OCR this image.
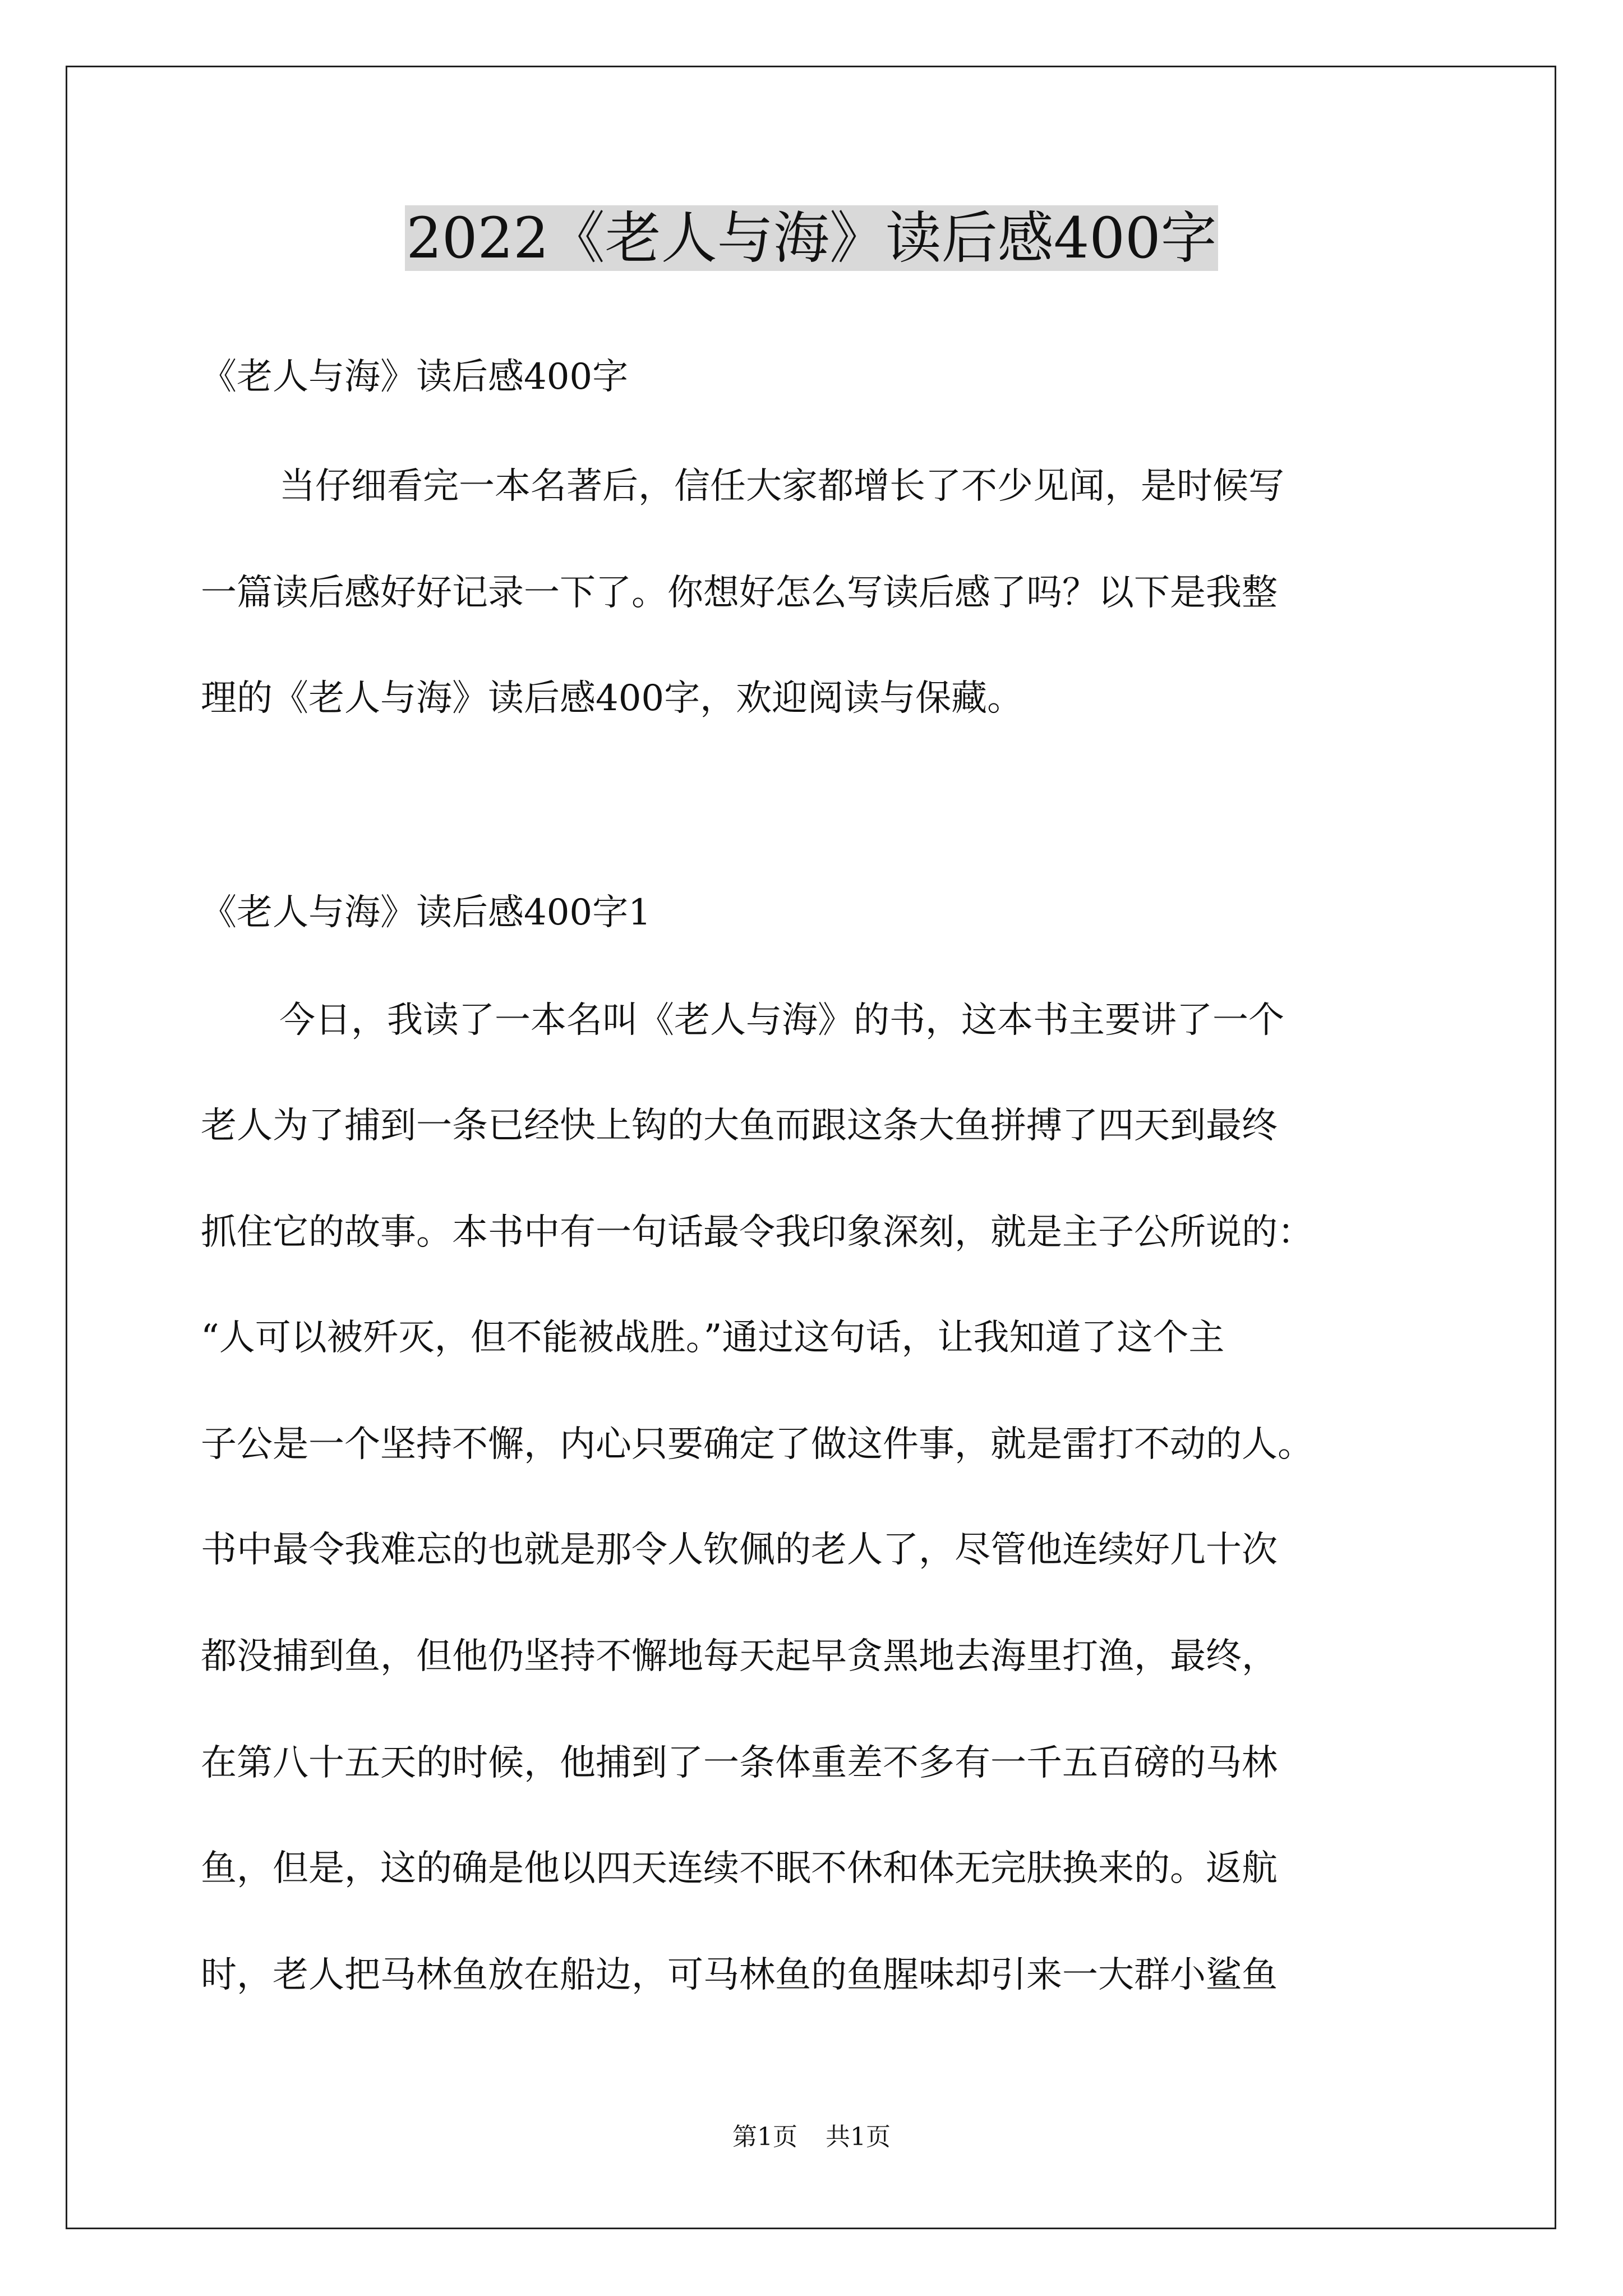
2022《老人与海》读后感400字

《老人与海》读后感400字

当仔细看完一本名著后，信任大家都增长了不少见闻，是时候写

一篇读后感好好记录一下了。你想好怎么写读后感了吗？以下是我整

理的《老人与海》读后感400字，欢迎阅读与保藏。

《老人与海》读后感400字1

今日，我读了一本名叫《老人与海》的书，这本书主要讲了一个

老人为了捕到一条已经快上钩的大鱼而跟这条大鱼拼搏了四天到最终

抓住它的故事。本书中有一句话最令我印象深刻，就是主子公所说的：

“人可以被歼灭，但不能被战胜。”通过这句话，让我知道了这个主

子公是一个坚持不懈，内心只要确定了做这件事，就是雷打不动的人。

书中最令我难忘的也就是那令人钦佩的老人了，尽管他连续好几十次

都没捕到鱼，但他仍坚持不懈地每天起早贪黑地去海里打渔，最终，

在第八十五天的时候，他捕到了一条体重差不多有一千五百磅的马林

鱼，但是，这的确是他以四天连续不眠不休和体无完肤换来的。返航

时，老人把马林鱼放在船边，可马林鱼的鱼腥味却引来一大群小鲨鱼

第1页 共1页
